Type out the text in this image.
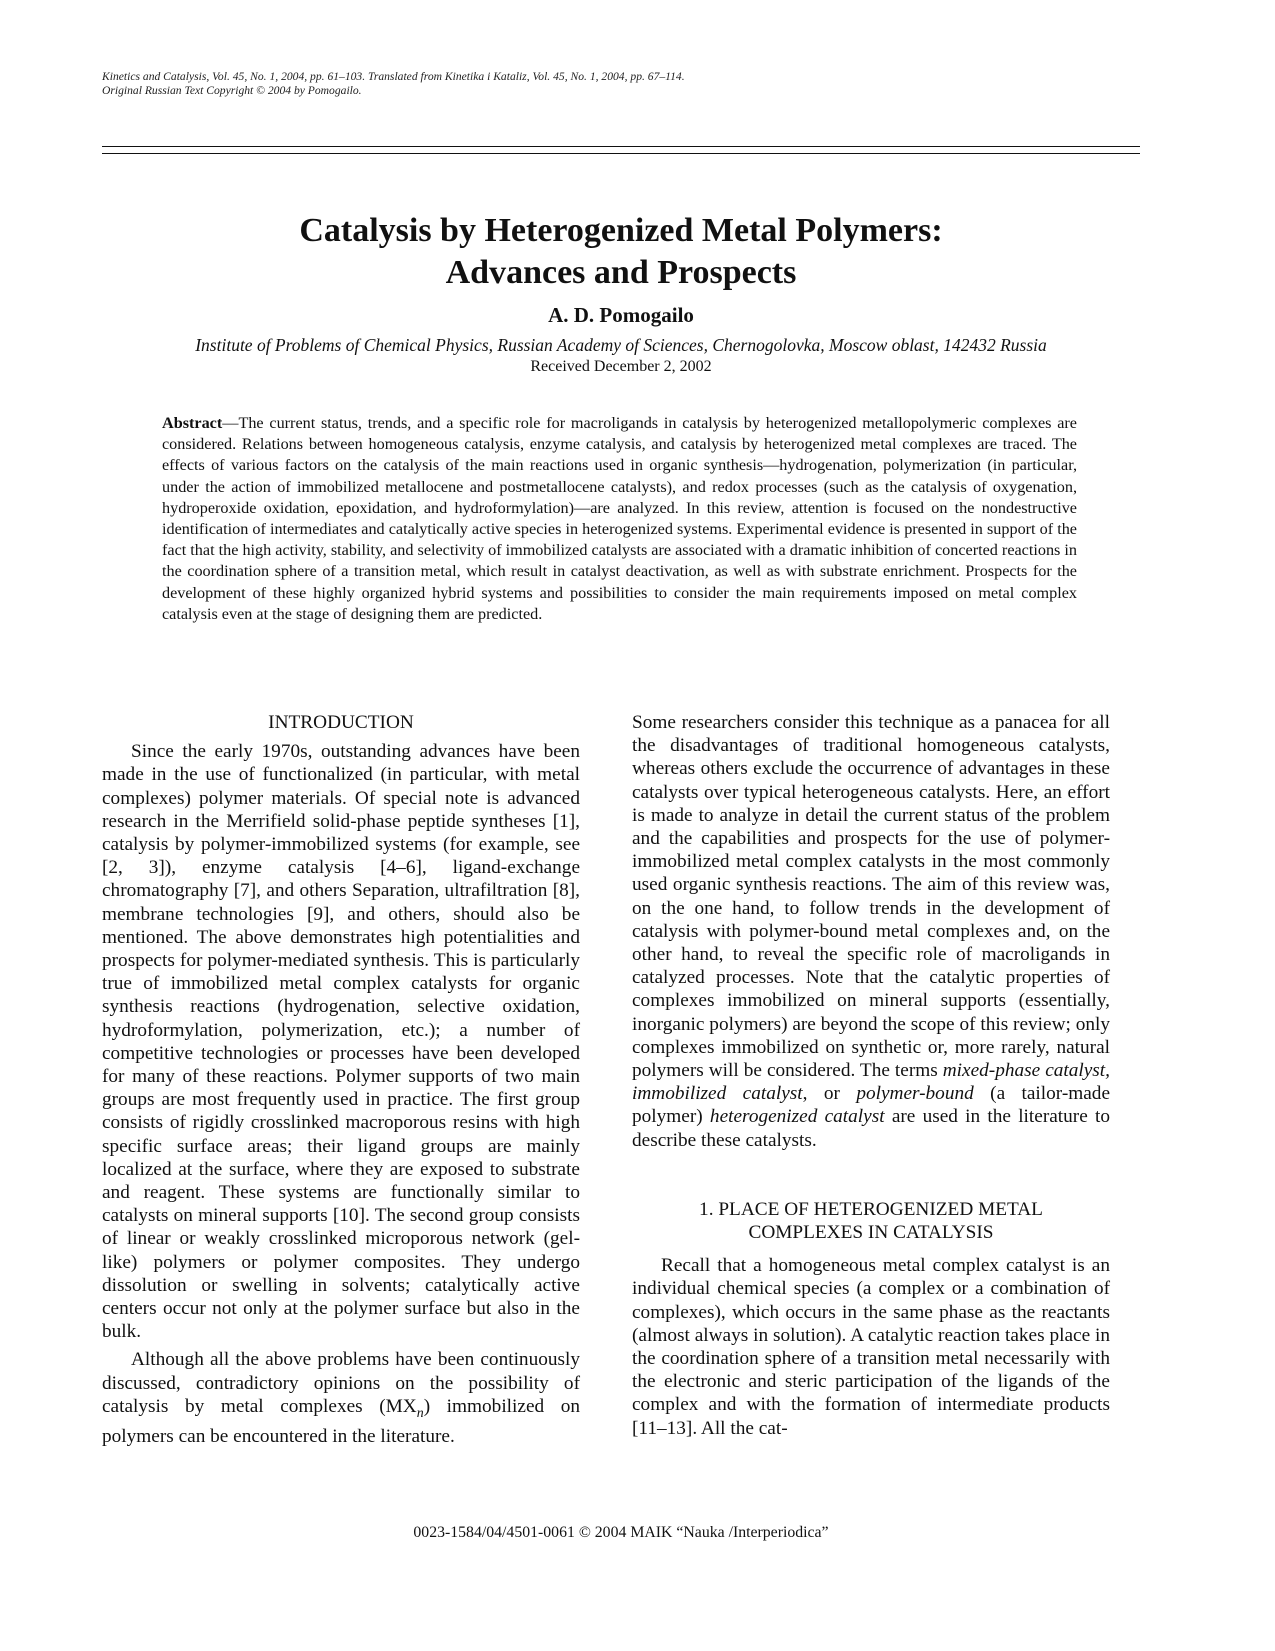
Kinetics and Catalysis, Vol. 45, No. 1, 2004, pp. 61–103. Translated from Kinetika i Kataliz, Vol. 45, No. 1, 2004, pp. 67–114.
Original Russian Text Copyright © 2004 by Pomogailo.
Catalysis by Heterogenized Metal Polymers:
Advances and Prospects
A. D. Pomogailo
Institute of Problems of Chemical Physics, Russian Academy of Sciences, Chernogolovka, Moscow oblast, 142432 Russia
Received December 2, 2002
Abstract—The current status, trends, and a specific role for macroligands in catalysis by heterogenized metallopolymeric complexes are considered. Relations between homogeneous catalysis, enzyme catalysis, and catalysis by heterogenized metal complexes are traced. The effects of various factors on the catalysis of the main reactions used in organic synthesis—hydrogenation, polymerization (in particular, under the action of immobilized metallocene and postmetallocene catalysts), and redox processes (such as the catalysis of oxygenation, hydroperoxide oxidation, epoxidation, and hydroformylation)—are analyzed. In this review, attention is focused on the nondestructive identification of intermediates and catalytically active species in heterogenized systems. Experimental evidence is presented in support of the fact that the high activity, stability, and selectivity of immobilized catalysts are associated with a dramatic inhibition of concerted reactions in the coordination sphere of a transition metal, which result in catalyst deactivation, as well as with substrate enrichment. Prospects for the development of these highly organized hybrid systems and possibilities to consider the main requirements imposed on metal complex catalysis even at the stage of designing them are predicted.

INTRODUCTION

Since the early 1970s, outstanding advances have been made in the use of functionalized (in particular, with metal complexes) polymer materials. Of special note is advanced research in the Merrifield solid-phase peptide syntheses [1], catalysis by polymer-immobilized systems (for example, see [2, 3]), enzyme catalysis [4–6], ligand-exchange chromatography [7], and others Separation, ultrafiltration [8], membrane technologies [9], and others, should also be mentioned. The above demonstrates high potentialities and prospects for polymer-mediated synthesis. This is particularly true of immobilized metal complex catalysts for organic synthesis reactions (hydrogenation, selective oxidation, hydroformylation, polymerization, etc.); a number of competitive technologies or processes have been developed for many of these reactions. Polymer supports of two main groups are most frequently used in practice. The first group consists of rigidly crosslinked macroporous resins with high specific surface areas; their ligand groups are mainly localized at the surface, where they are exposed to substrate and reagent. These systems are functionally similar to catalysts on mineral supports [10]. The second group consists of linear or weakly crosslinked microporous network (gel-like) polymers or polymer composites. They undergo dissolution or swelling in solvents; catalytically active centers occur not only at the polymer surface but also in the bulk.

Although all the above problems have been continuously discussed, contradictory opinions on the possibility of catalysis by metal complexes $(MX_n)$ immobilized on polymers can be encountered in the literature.

Some researchers consider this technique as a panacea for all the disadvantages of traditional homogeneous catalysts, whereas others exclude the occurrence of advantages in these catalysts over typical heterogeneous catalysts. Here, an effort is made to analyze in detail the current status of the problem and the capabilities and prospects for the use of polymer-immobilized metal complex catalysts in the most commonly used organic synthesis reactions. The aim of this review was, on the one hand, to follow trends in the development of catalysis with polymer-bound metal complexes and, on the other hand, to reveal the specific role of macroligands in catalyzed processes. Note that the catalytic properties of complexes immobilized on mineral supports (essentially, inorganic polymers) are beyond the scope of this review; only complexes immobilized on synthetic or, more rarely, natural polymers will be considered. The terms mixed-phase catalyst, immobilized catalyst, or polymer-bound (a tailor-made polymer) heterogenized catalyst are used in the literature to describe these catalysts.

1. PLACE OF HETEROGENIZED METAL
COMPLEXES IN CATALYSIS

Recall that a homogeneous metal complex catalyst is an individual chemical species (a complex or a combination of complexes), which occurs in the same phase as the reactants (almost always in solution). A catalytic reaction takes place in the coordination sphere of a transition metal necessarily with the electronic and steric participation of the ligands of the complex and with the formation of intermediate products [11–13]. All the cat-

0023-1584/04/4501-0061 © 2004 MAIK “Nauka /Interperiodica”
